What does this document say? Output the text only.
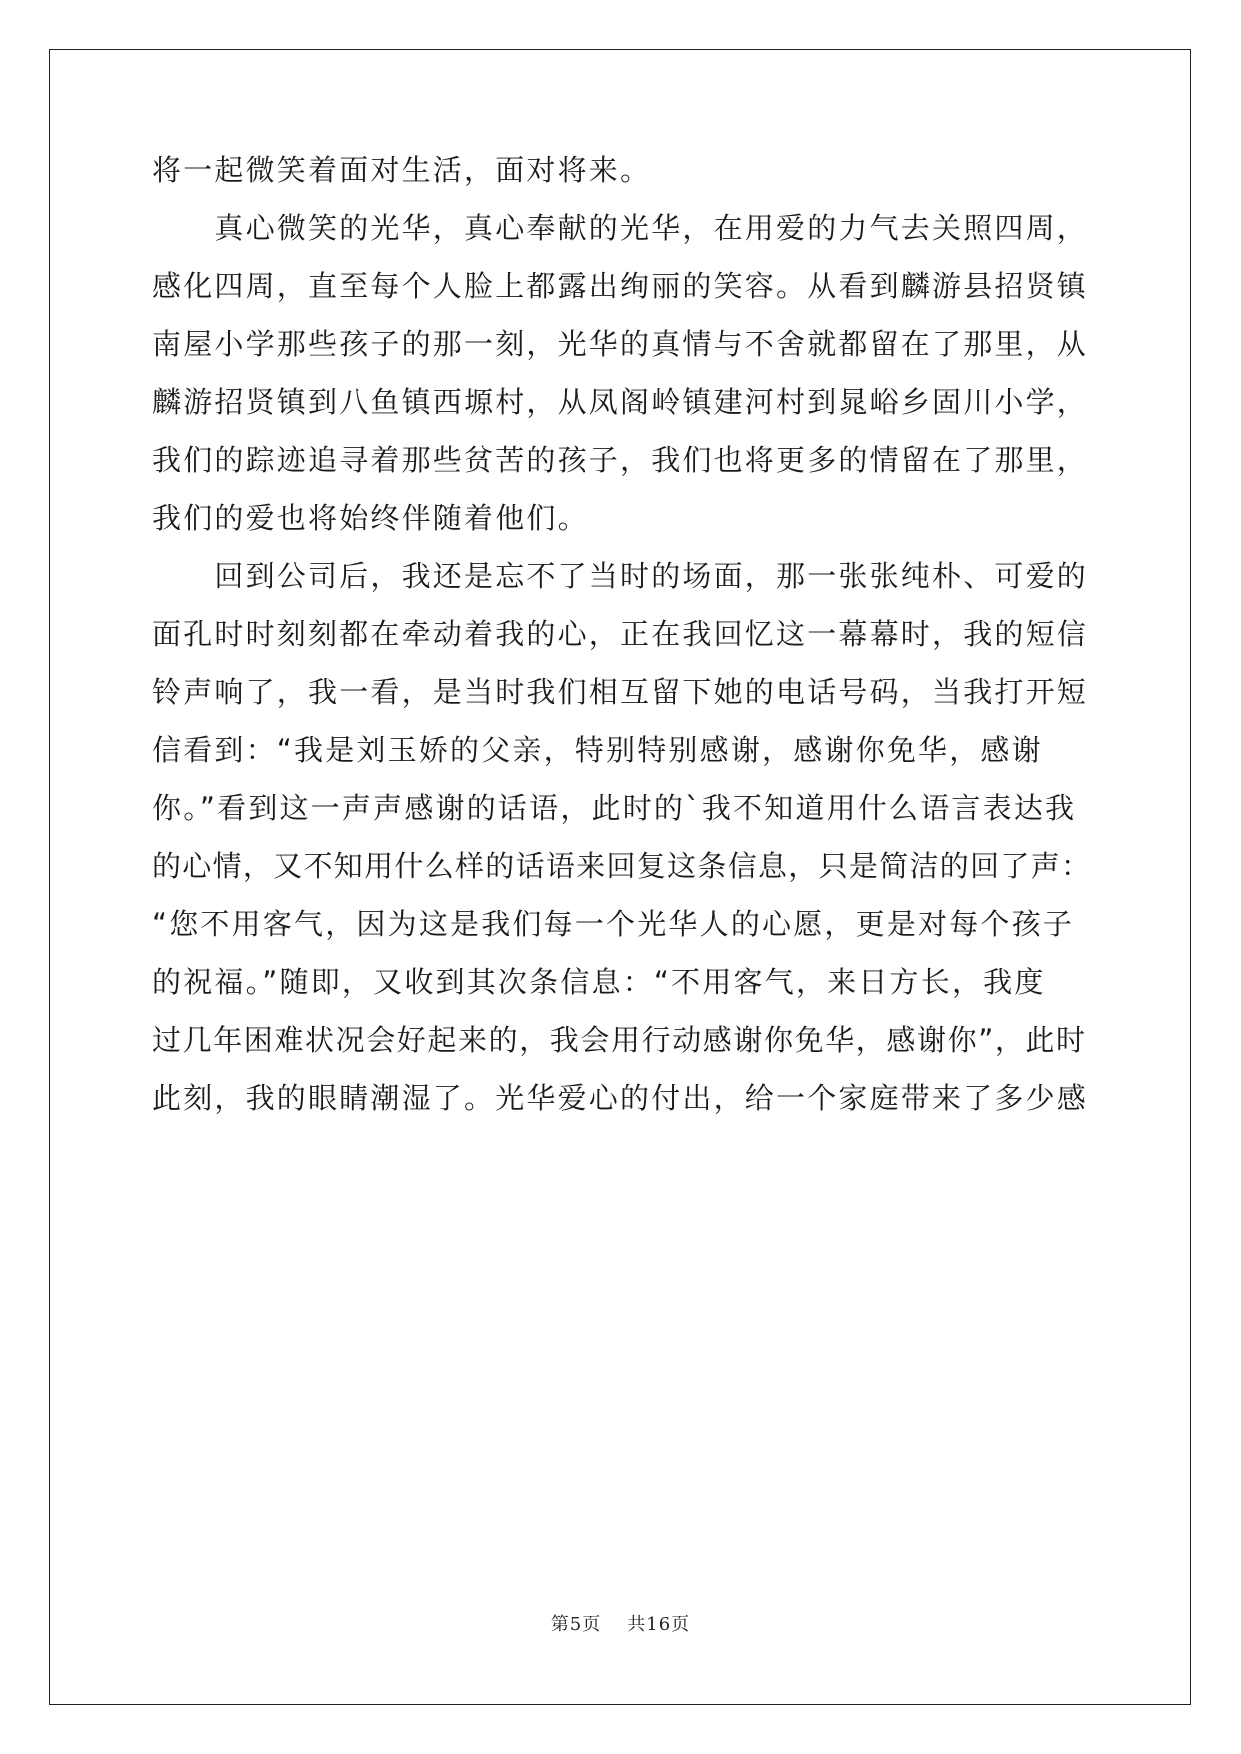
将一起微笑着面对生活，面对将来。
　　真心微笑的光华，真心奉献的光华，在用爱的力气去关照四周，
感化四周，直至每个人脸上都露出绚丽的笑容。从看到麟游县招贤镇
南屋小学那些孩子的那一刻，光华的真情与不舍就都留在了那里，从
麟游招贤镇到八鱼镇西塬村，从凤阁岭镇建河村到晁峪乡固川小学，
我们的踪迹追寻着那些贫苦的孩子，我们也将更多的情留在了那里，
我们的爱也将始终伴随着他们。
　　回到公司后，我还是忘不了当时的场面，那一张张纯朴、可爱的
面孔时时刻刻都在牵动着我的心，正在我回忆这一幕幕时，我的短信
铃声响了，我一看，是当时我们相互留下她的电话号码，当我打开短
信看到：“我是刘玉娇的父亲，特别特别感谢，感谢你免华，感谢
你。”看到这一声声感谢的话语，此时的`我不知道用什么语言表达我
的心情，又不知用什么样的话语来回复这条信息，只是简洁的回了声：
“您不用客气，因为这是我们每一个光华人的心愿，更是对每个孩子
的祝福。”随即，又收到其次条信息：“不用客气，来日方长，我度
过几年困难状况会好起来的，我会用行动感谢你免华，感谢你”，此时
此刻，我的眼睛潮湿了。光华爱心的付出，给一个家庭带来了多少感
第5页 共16页
